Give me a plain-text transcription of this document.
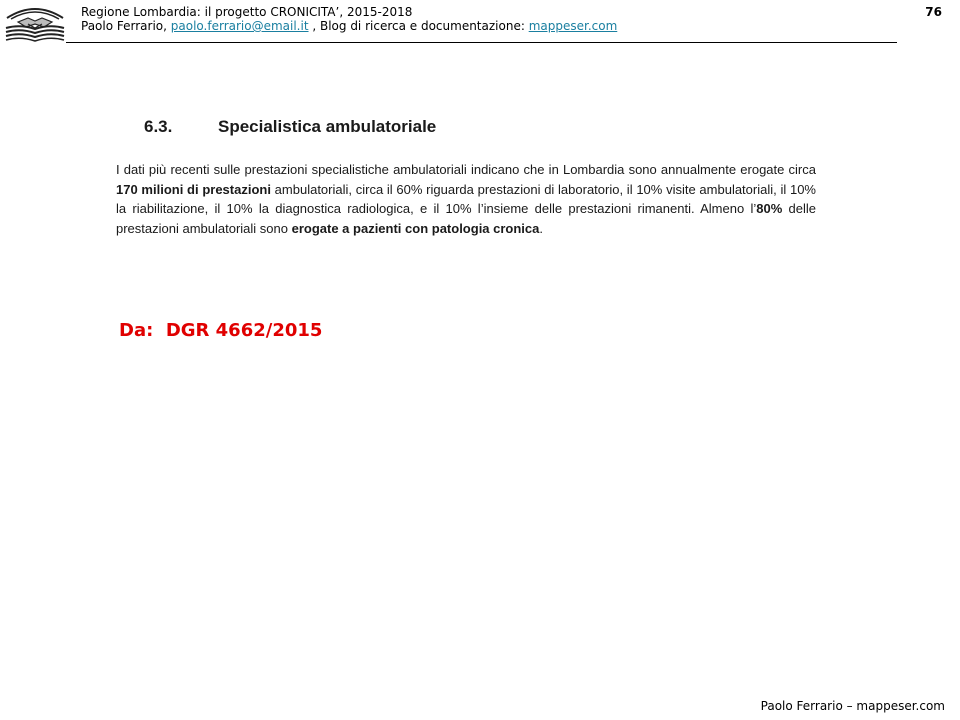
Regione Lombardia: il progetto CRONICITA’, 2015-2018
Paolo Ferrario, paolo.ferrario@email.it , Blog di ricerca e documentazione: mappeser.com
76
6.3.	Specialistica ambulatoriale

I dati più recenti sulle prestazioni specialistiche ambulatoriali indicano che in Lombardia sono annualmente erogate circa 170 milioni di prestazioni ambulatoriali, circa il 60% riguarda prestazioni di laboratorio, il 10% visite ambulatoriali, il 10% la riabilitazione, il 10% la diagnostica radiologica, e il 10% l’insieme delle prestazioni rimanenti. Almeno l’80% delle prestazioni ambulatoriali sono erogate a pazienti con patologia cronica.

Da:  DGR 4662/2015
Paolo Ferrario – mappeser.com
